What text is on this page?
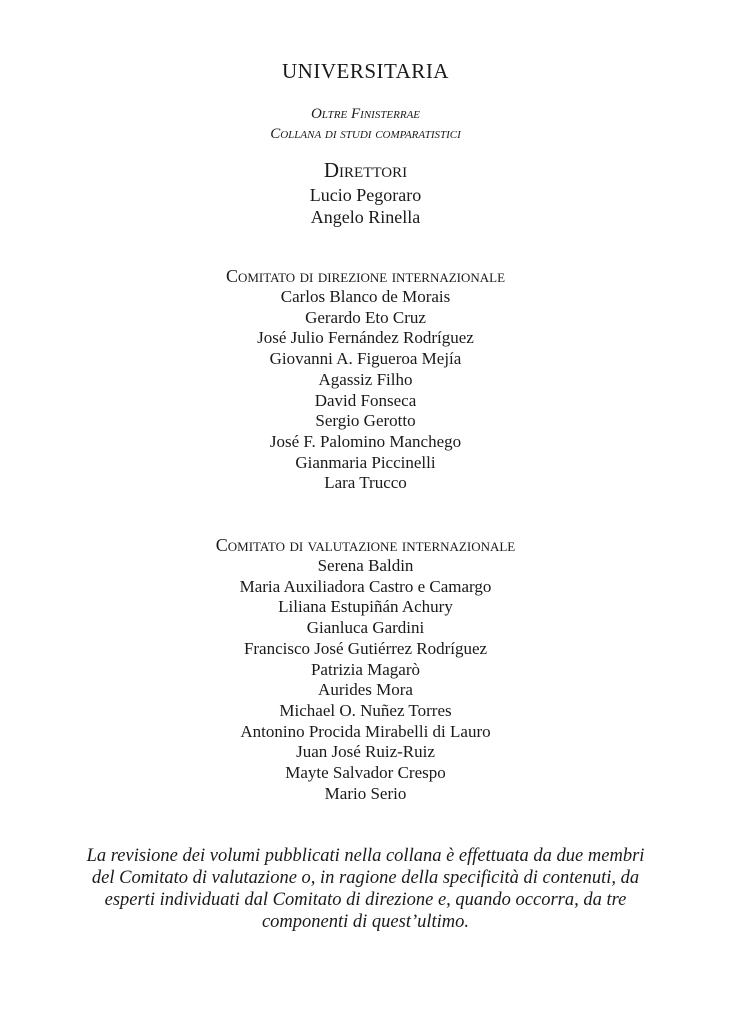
UNIVERSITARIA
Oltre Finisterrae
Collana di studi comparatistici
Direttori
Lucio Pegoraro
Angelo Rinella
Comitato di direzione internazionale
Carlos Blanco de Morais
Gerardo Eto Cruz
José Julio Fernández Rodríguez
Giovanni A. Figueroa Mejía
Agassiz Filho
David Fonseca
Sergio Gerotto
José F. Palomino Manchego
Gianmaria Piccinelli
Lara Trucco
Comitato di valutazione internazionale
Serena Baldin
Maria Auxiliadora Castro e Camargo
Liliana Estupiñán Achury
Gianluca Gardini
Francisco José Gutiérrez Rodríguez
Patrizia Magarò
Aurides Mora
Michael O. Nuñez Torres
Antonino Procida Mirabelli di Lauro
Juan José Ruiz-Ruiz
Mayte Salvador Crespo
Mario Serio
La revisione dei volumi pubblicati nella collana è effettuata da due membri del Comitato di valutazione o, in ragione della specificità di contenuti, da esperti individuati dal Comitato di direzione e, quando occorra, da tre componenti di quest’ultimo.
